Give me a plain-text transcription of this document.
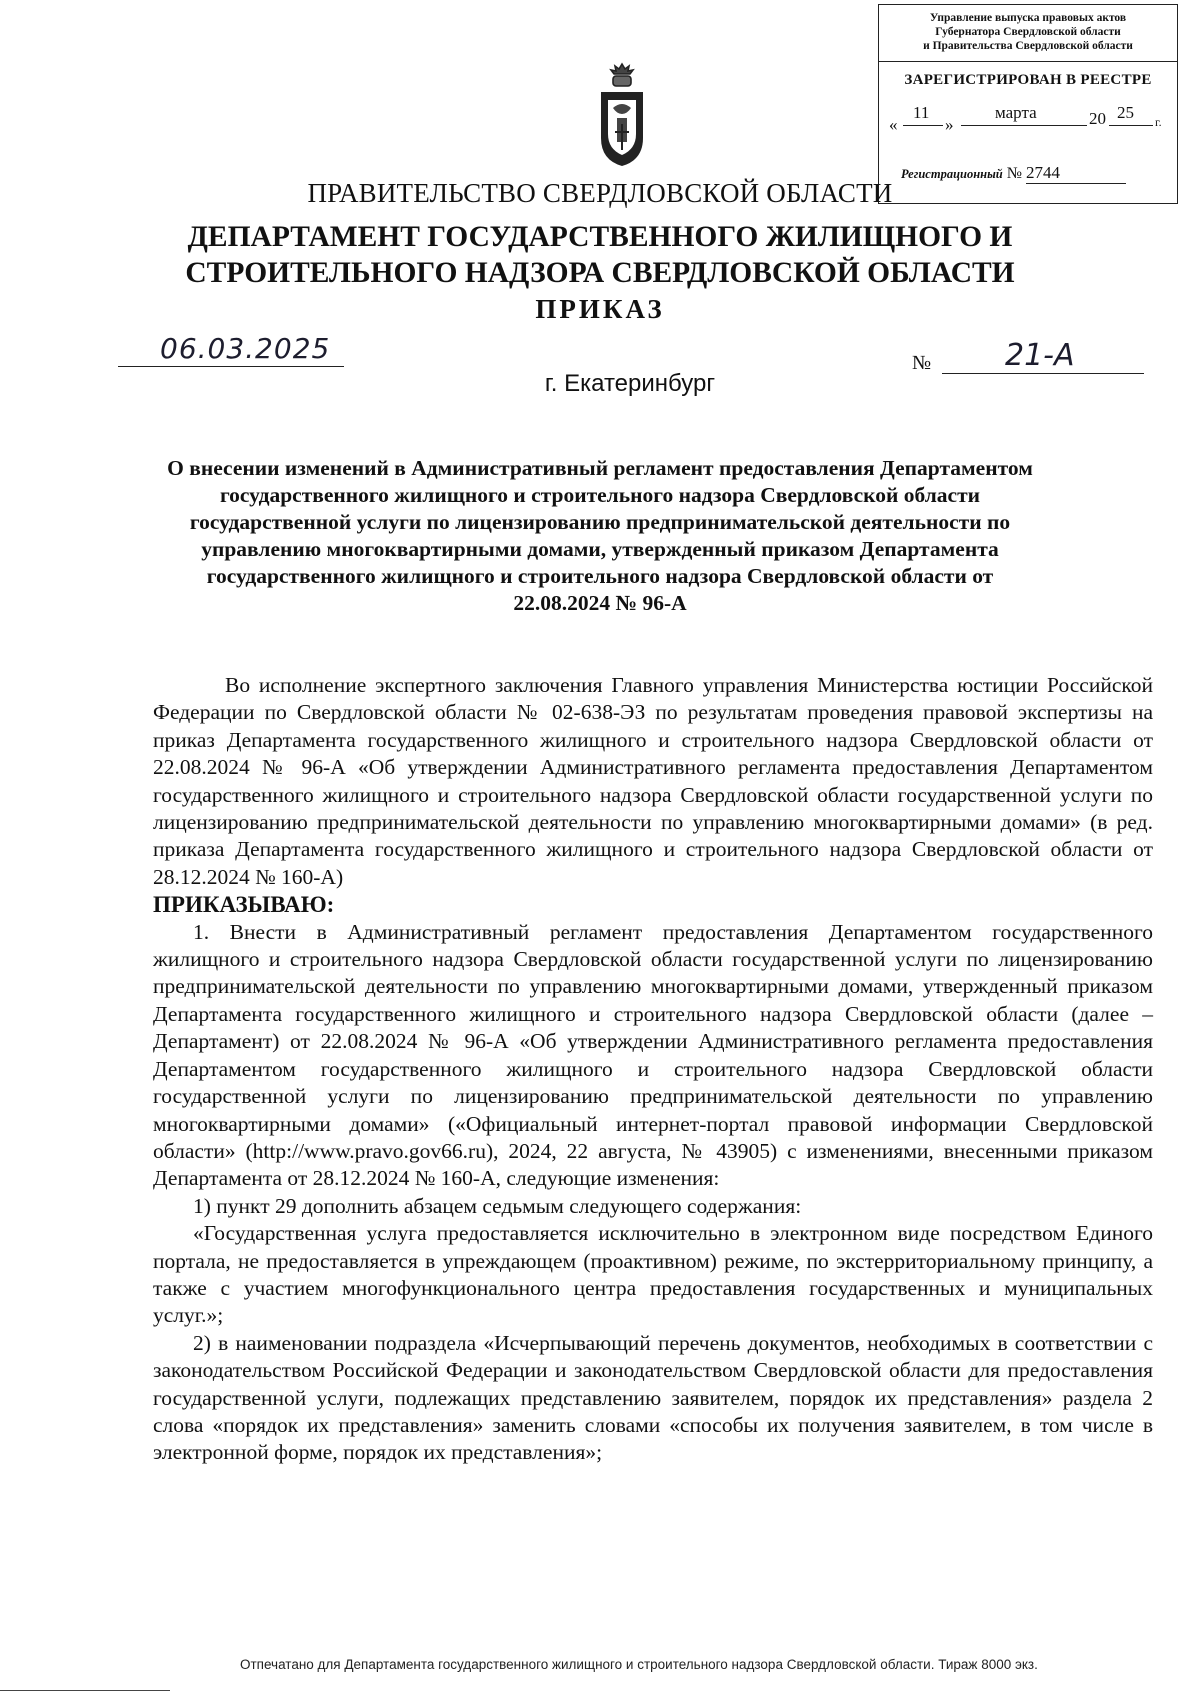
Управление выпуска правовых актов
Губернатора Свердловской области
и Правительства Свердловской области
ЗАРЕГИСТРИРОВАН В РЕЕСТРЕ
«
11
»
марта	20 25 г.
Регистрационный № 2744
ПРАВИТЕЛЬСТВО СВЕРДЛОВСКОЙ ОБЛАСТИ
ДЕПАРТАМЕНТ ГОСУДАРСТВЕННОГО ЖИЛИЩНОГО И
СТРОИТЕЛЬНОГО НАДЗОРА СВЕРДЛОВСКОЙ ОБЛАСТИ
ПРИКАЗ
06.03.2025	№ 21-А
г. Екатеринбург
О внесении изменений в Административный регламент предоставления Департаментом государственного жилищного и строительного надзора Свердловской области государственной услуги по лицензированию предпринимательской деятельности по управлению многоквартирными домами, утвержденный приказом Департамента государственного жилищного и строительного надзора Свердловской области от 22.08.2024 № 96-А

Во исполнение экспертного заключения Главного управления Министерства юстиции Российской Федерации по Свердловской области № 02-638-ЭЗ по результатам проведения правовой экспертизы на приказ Департамента государственного жилищного и строительного надзора Свердловской области от 22.08.2024 № 96-А «Об утверждении Административного регламента предоставления Департаментом государственного жилищного и строительного надзора Свердловской области государственной услуги по лицензированию предпринимательской деятельности по управлению многоквартирными домами» (в ред. приказа Департамента государственного жилищного и строительного надзора Свердловской области от 28.12.2024 № 160-А)

ПРИКАЗЫВАЮ:

1. Внести в Административный регламент предоставления Департаментом государственного жилищного и строительного надзора Свердловской области государственной услуги по лицензированию предпринимательской деятельности по управлению многоквартирными домами, утвержденный приказом Департамента государственного жилищного и строительного надзора Свердловской области (далее – Департамент) от 22.08.2024 № 96-А «Об утверждении Административного регламента предоставления Департаментом государственного жилищного и строительного надзора Свердловской области государственной услуги по лицензированию предпринимательской деятельности по управлению многоквартирными домами» («Официальный интернет-портал правовой информации Свердловской области» (http://www.pravo.gov66.ru), 2024, 22 августа, № 43905) с изменениями, внесенными приказом Департамента от 28.12.2024 № 160-А, следующие изменения:

1) пункт 29 дополнить абзацем седьмым следующего содержания:

«Государственная услуга предоставляется исключительно в электронном виде посредством Единого портала, не предоставляется в упреждающем (проактивном) режиме, по экстерриториальному принципу, а также с участием многофункционального центра предоставления государственных и муниципальных услуг.»;

2) в наименовании подраздела «Исчерпывающий перечень документов, необходимых в соответствии с законодательством Российской Федерации и законодательством Свердловской области для предоставления государственной услуги, подлежащих представлению заявителем, порядок их представления» раздела 2 слова «порядок их представления» заменить словами «способы их получения заявителем, в том числе в электронной форме, порядок их представления»;

Отпечатано для Департамента государственного жилищного и строительного надзора Свердловской области. Тираж 8000 экз.
